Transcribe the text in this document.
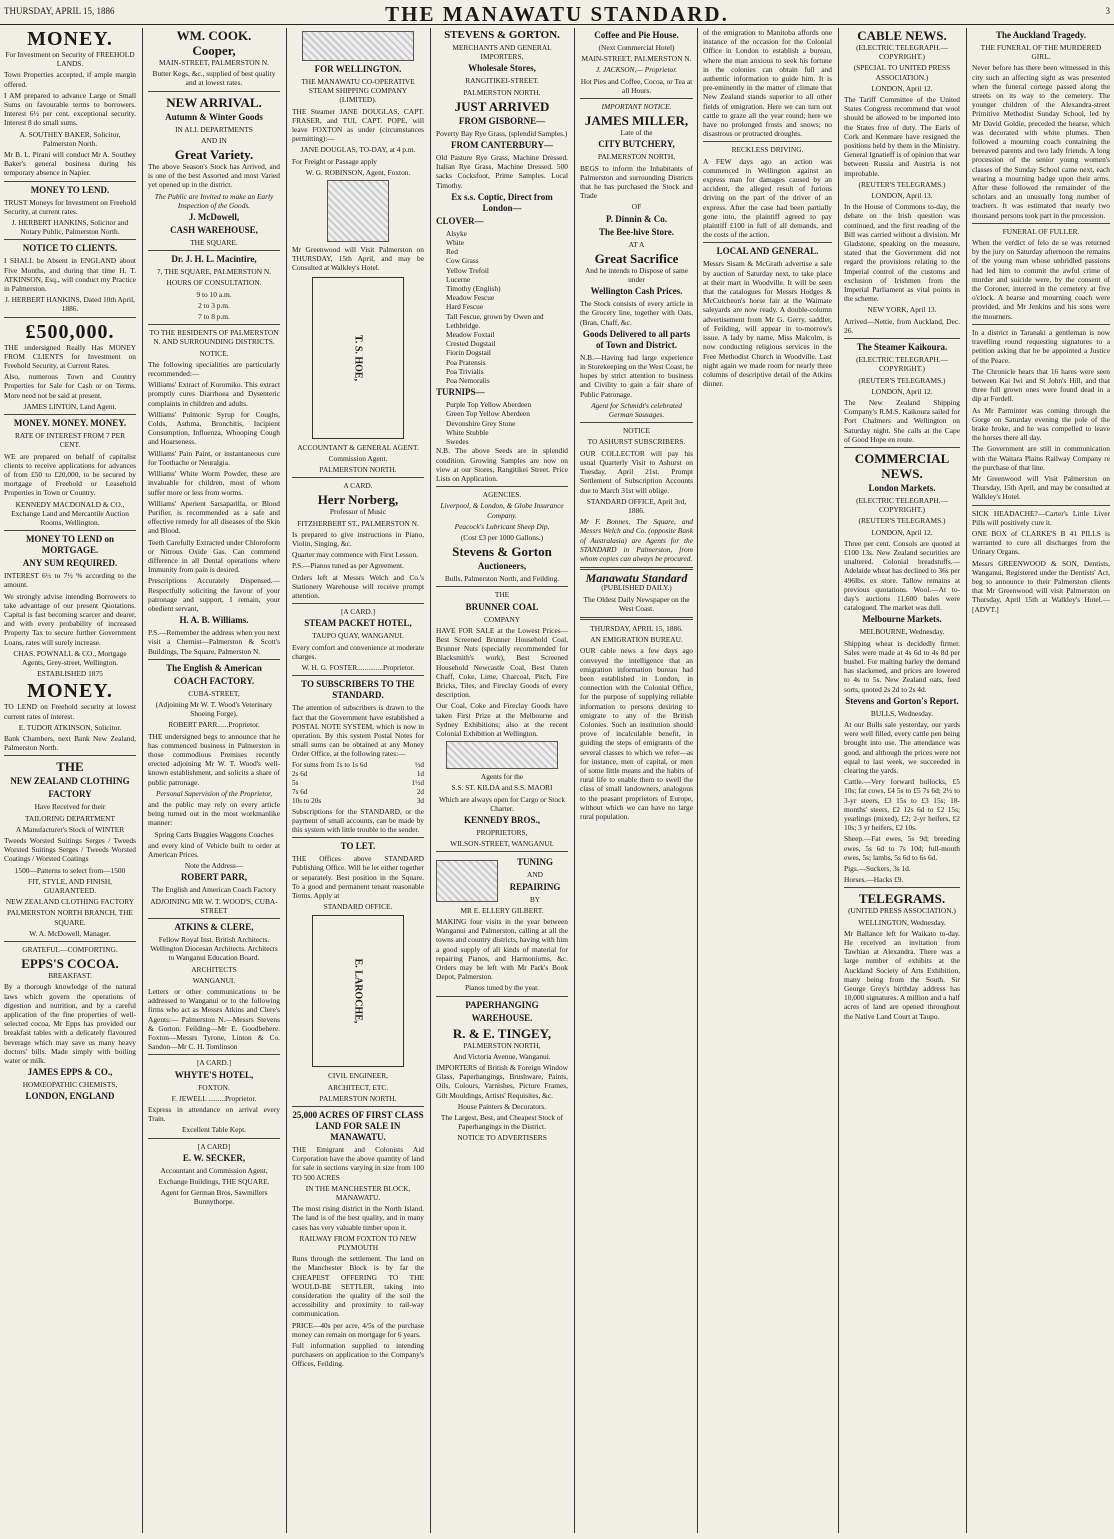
THURSDAY, APRIL 15, 1886	THE MANAWATU STANDARD.	3
MONEY.

For Investment on Security of FREEHOLD LANDS.

Town Properties accepted, if ample margin offered.

I AM prepared to advance Large or Small Sums on favourable terms to borrowers. Interest 6½ per cent. exceptional security. Interest 8 do small sums.

A. SOUTHEY BAKER, Solicitor, Palmerston North.

Mr B. L. Pirani will conduct Mr A. Southey Baker's general business during his temporary absence in Napier.

MONEY TO LEND.

TRUST Moneys for Investment on Freehold Security, at current rates.

J. HERBERT HANKINS, Solicitor and Notary Public, Palmerston North.

NOTICE TO CLIENTS.

I SHALL be Absent in ENGLAND about Five Months, and during that time H. T. ATKINSON, Esq., will conduct my Practice in Palmerston.

J. HERBERT HANKINS, Dated 10th April, 1886.

£500,000.

THE undersigned Really Has MONEY FROM CLIENTS for Investment on Freehold Security, at Current Rates.

Also, numerous Town and Country Properties for Sale for Cash or on Terms. More need not be said at present.

JAMES LINTON, Land Agent.

MONEY. MONEY. MONEY.

RATE OF INTEREST FROM 7 PER CENT.

WE are prepared on behalf of capitalist clients to receive applications for advances of from £50 to £20,000, to be secured by mortgage of Freehold or Leasehold Properties in Town or Country.

KENNEDY MACDONALD & CO., Exchange Land and Mercantile Auction Rooms, Wellington.

MONEY TO LEND on MORTGAGE.
ANY SUM REQUIRED.

INTEREST 6½ to 7½ % according to the amount.

We strongly advise intending Borrowers to take advantage of our present Quotations. Capital is fast becoming scarcer and dearer, and with every probability of increased Property Tax to secure further Government Loans, rates will surely increase.

CHAS. POWNALL & CO., Mortgage Agents, Grey-street, Wellington.

ESTABLISHED 1875

MONEY.

TO LEND on Freehold security at lowest current rates of interest.

E. TUDOR ATKINSON, Solicitor.

Bank Chambers, next Bank New Zealand, Palmerston North.

THE
NEW ZEALAND CLOTHING
FACTORY

Have Received for their

TAILORING DEPARTMENT

A Manufacturer's Stock of WINTER

Tweeds Worsted Suitings Serges / Tweeds Worsted Suitings Serges / Tweeds Worsted Coatings / Worsted Coatings

1500—Patterns to select from—1500

FIT, STYLE, AND FINISH, GUARANTEED.

NEW ZEALAND CLOTHING FACTORY

PALMERSTON NORTH BRANCH, THE SQUARE.

W. A. McDowell, Manager.

GRATEFUL—COMFORTING.

EPPS'S COCOA.

BREAKFAST.

By a thorough knowledge of the natural laws which govern the operations of digestion and nutrition, and by a careful application of the fine properties of well-selected cocoa, Mr Epps has provided our breakfast tables with a delicately flavoured beverage which may save us many heavy doctors' bills. Made simply with boiling water or milk.

JAMES EPPS & CO.,

HOMŒOPATHIC CHEMISTS,

LONDON, ENGLAND
WM. COOK.
Cooper,

MAIN-STREET, PALMERSTON N.

Butter Kegs, &c., supplied of best quality and at lowest rates.

NEW ARRIVAL.
Autumn & Winter Goods

IN ALL DEPARTMENTS

AND IN

Great Variety.

The above Season's Stock has Arrived, and is one of the best Assorted and most Varied yet opened up in the district.

The Public are Invited to make an Early Inspection of the Goods.

J. McDowell,
CASH WAREHOUSE,

THE SQUARE.

Dr. J. H. L. Macintire,

7, THE SQUARE, PALMERSTON N.

HOURS OF CONSULTATION.

9 to 10 a.m.

2 to 3 p.m.

7 to 8 p.m.

TO THE RESIDENTS OF PALMERSTON N. AND SURROUNDING DISTRICTS.

NOTICE.

The following specialities are particularly recommended:—

Williams' Extract of Koromiko. This extract promptly cures Diarrhoea and Dysenteric complaints in children and adults.

Williams' Pulmonic Syrup for Coughs, Colds, Asthma, Bronchitis, Incipient Consumption, Influenza, Whooping Cough and Hoarseness.

Williams' Pain Paint, or instantaneous cure for Toothache or Neuralgia.

Williams' White Worm Powder, these are invaluable for children, most of whom suffer more or less from worms.

Williams' Aperient Sarsaparilla, or Blood Purifier, is recommended as a safe and effective remedy for all diseases of the Skin and Blood.

Teeth Carefully Extracted under Chloroform or Nitrous Oxide Gas. Can commend difference in all Dental operations where Immunity from pain is desired.

Prescriptions Accurately Dispensed.— Respectfully soliciting the favour of your patronage and support, I remain, your obedient servant,

H. A. B. Williams.

P.S.—Remember the address when you next visit a Chemist—Palmerston & Scott's Buildings, The Square, Palmerston N.

The English & American
COACH FACTORY.

CUBA-STREET,

(Adjoining Mr W. T. Wood's Veterinary Shoeing Forge).

ROBERT PARR......Proprietor.

THE undersigned begs to announce that he has commenced business in Palmerston in those commodious Premises recently erected adjoining Mr W. T. Wood's well-known establishment, and solicits a share of public patronage.

Personal Supervision of the Proprietor,

and the public may rely on every article being turned out in the most workmanlike manner:

Spring Carts Buggies Waggons Coaches

and every kind of Vehicle built to order at American Prices.

Note the Address—

ROBERT PARR,

The English and American Coach Factory

ADJOINING MR W. T. WOOD'S, CUBA-STREET

ATKINS & CLERE,

Fellow Royal Inst. British Architects. Wellington Diocesan Architects. Architects to Wanganui Education Board.

ARCHITECTS

WANGANUI.

Letters or other communications to be addressed to Wanganui or to the following firms who act as Messrs Atkins and Clere's Agents:— Palmerston N.—Messrs Stevens & Gorton. Feilding—Mr E. Goodbehere. Foxton—Messrs Tyrone, Linton & Co. Sandon—Mr C. H. Tomlinson

[A CARD.]

WHYTE'S HOTEL,

FOXTON.

F. JEWELL .........Proprietor.

Express in attendance on arrival every Train.

Excellent Table Kept.

[A CARD]

E. W. SECKER,

Accountant and Commission Agent,

Exchange Buildings, THE SQUARE.

Agent for German Bros, Sawmillers Bunnythorpe.

FOR WELLINGTON.

THE MANAWATU CO-OPERATIVE STEAM SHIPPING COMPANY (LIMITED).

THE Steamer JANE DOUGLAS, CAPT. FRASER, and TUI, CAPT. POPE, will leave FOXTON as under (circumstances permitting):—

JANE DOUGLAS, TO-DAY, at 4 p.m.

For Freight or Passage apply

W. G. ROBINSON, Agent, Foxton.

Mr Greenwood will Visit Palmerston on THURSDAY, 15th April, and may be Consulted at Walkley's Hotel.

T. S. HOE,

ACCOUNTANT & GENERAL AGENT.

Commission Agent.

PALMERSTON NORTH.

A CARD.

Herr Norberg,

Professor of Music

FITZHERBERT ST., PALMERSTON N.

Is prepared to give instructions in Piano, Violin, Singing, &c.

Quarter may commence with First Lesson.

P.S.—Pianos tuned as per Agreement.

Orders left at Messrs Welch and Co.'s Stationery Warehouse will receive prompt attention.

[A CARD.]

STEAM PACKET HOTEL,

TAUPO QUAY, WANGANUI.

Every comfort and convenience at moderate charges.

W. H. G. FOSTER..............Proprietor.

TO SUBSCRIBERS TO THE STANDARD.

The attention of subscribers is drawn to the fact that the Government have established a POSTAL NOTE SYSTEM, which is now in operation. By this system Postal Notes for small sums can be obtained at any Money Order Office, at the following rates:—

For sums from 1s to 1s 6d	½d
2s 6d	1d
5s	1½d
7s 6d	2d
10s to 20s	3d

Subscriptions for the STANDARD, or the payment of small accounts, can be made by this system with little trouble to the sender.

TO LET.

THE Offices above STANDARD Publishing Office. Will be let either together or separately. Best position in the Square. To a good and permanent tenant reasonable Terms. Apply at

STANDARD OFFICE.

E. LAROCHE,

CIVIL ENGINEER,

ARCHITECT, ETC.

PALMERSTON NORTH.

25,000 ACRES OF FIRST CLASS LAND FOR SALE IN MANAWATU.

THE Emigrant and Colonists Aid Corporation have the above quantity of land for sale in sections varying in size from 100 TO 500 ACRES

IN THE MANCHESTER BLOCK, MANAWATU.

The most rising district in the North Island. The land is of the best quality, and in many cases has very valuable timber upon it.

RAILWAY FROM FOXTON TO NEW PLYMOUTH

Runs through the settlement. The land on the Manchester Block is by far the CHEAPEST OFFERING TO THE WOULD-BE SETTLER, taking into consideration the quality of the soil the accessibility and proximity to rail-way communication.

PRICE—40s per acre, 4/5s of the purchase money can remain on mortgage for 6 years.

Full information supplied to intending purchasers on application to the Company's Offices, Feilding.

STEVENS & GORTON.

MERCHANTS AND GENERAL IMPORTERS,

Wholesale Stores,

RANGITIKEI-STREET.

PALMERSTON NORTH.

JUST ARRIVED
FROM GISBORNE—

Poverty Bay Rye Grass, (splendid Samples.)

FROM CANTERBURY—

Old Pasture Rye Grass, Machine Dressed. Italian Rye Grass, Machine Dressed. 500 sacks Cocksfoot, Prime Samples. Local Timothy.

Ex s.s. Coptic, Direct from London—
CLOVER—
Alsyke
White
Red
Cow Grass
Yellow Trefoil
Lucerne
Timothy (English)
Meadow Fescue
Hard Fescue
Tall Fescue, grown by Owen and Lethbridge.
Meadow Foxtail
Crested Dogstail
Fiorin Dogstail
Poa Pratensis
Poa Trivialis
Poa Nemoralis
TURNIPS—
Purple Top Yellow Aberdeen
Green Top Yellow Aberdeen
Devonshire Grey Stone
White Stubble
Swedes

N.B. The above Seeds are in splendid condition. Growing Samples are now on view at our Stores, Rangitikei Street. Price Lists on Application.

AGENCIES.

Liverpool, & London, & Globe Insurance Company.

Peacock's Lubricant Sheep Dip,

(Cost £3 per 1000 Gallons.)

Stevens & Gorton
Auctioneers,

Bulls, Palmerston North, and Feilding.

THE

BRUNNER COAL

COMPANY

HAVE FOR SALE at the Lowest Prices— Best Screened Brunner Household Coal, Brunner Nuts (specially recommended for Blacksmith's work), Best Screened Household Newcastle Coal, Best Oaten Chaff, Coke, Lime, Charcoal, Pitch, Fire Bricks, Tiles, and Fireclay Goods of every description.

Our Coal, Coke and Fireclay Goods have taken First Prize at the Melbourne and Sydney Exhibitions; also at the recent Colonial Exhibition at Wellington.

Agents for the

S.S. ST. KILDA and S.S. MAORI

Which are always open for Cargo or Stock Charter.

KENNEDY BROS.,

PROPRIETORS,

WILSON-STREET, WANGANUI.

TUNING

AND

REPAIRING

BY

MR E. ELLERY GILBERT.

MAKING four visits in the year between Wanganui and Palmerston, calling at all the towns and country districts, having with him a good supply of all kinds of material for repairing Pianos, and Harmoniums, &c. Orders may be left with Mr Park's Book Depot, Palmerston.

Pianos tuned by the year.

PAPERHANGING
WAREHOUSE.
R. & E. TINGEY,

PALMERSTON NORTH,

And Victoria Avenue, Wanganui.

IMPORTERS of British & Foreign Window Glass, Paperhangings, Brushware, Paints, Oils, Colours, Varnishes, Picture Frames, Gilt Mouldings, Artists' Requisites, &c.

House Painters & Decorators.

The Largest, Best, and Cheapest Stock of Paperhangings in the District.

NOTICE TO ADVERTISERS

Coffee and Pie House.

(Next Commercial Hotel)

MAIN-STREET, PALMERSTON N.

J. JACKSON,— Proprietor.

Hot Pies and Coffee, Cocoa, or Tea at all Hours.

IMPORTANT NOTICE.

JAMES MILLER,

Late of the

CITY BUTCHERY,

PALMERSTON NORTH,

BEGS to inform the Inhabitants of Palmerston and surrounding Districts that he has purchased the Stock and Trade

OF

P. Dinnin & Co.
The Bee-hive Store.

AT A

Great Sacrifice

And he intends to Dispose of same under

Wellington Cash Prices.

The Stock consists of every article in the Grocery line, together with Oats, (Bran, Chaff, &c.

Goods Delivered to all parts of Town and District.

N.B.—Having had large experience in Storekeeping on the West Coast, he hopes by strict attention to business and Civility to gain a fair share of Public Patronage.

Agent for Schmidt's celebrated German Sausages.

NOTICE

TO ASHURST SUBSCRIBERS.

OUR COLLECTOR will pay his usual Quarterly Visit to Ashurst on Tuesday, April 21st. Prompt Settlement of Subscription Accounts due to March 31st will oblige.

STANDARD OFFICE, April 3rd, 1886.

Mr F. Bonnes, The Square, and Messrs Welch and Co. (opposite Bank of Australasia) are Agents for the STANDARD in Palmerston, from whom copies can always be procured.

Manawatu Standard

(PUBLISHED DAILY.)

The Oldest Daily Newspaper on the West Coast.

THURSDAY, APRIL 15, 1886.

AN EMIGRATION BUREAU.

OUR cable news a few days ago conveyed the intelligence that an emigration information bureau had been established in London, in connection with the Colonial Office, for the purpose of supplying reliable information to persons desiring to emigrate to any of the British Colonies. Such an institution should prove of incalculable benefit, in guiding the steps of emigrants of the several classes to which we refer—as for instance, men of capital, or men of some little means and the habits of rural life to enable them to swell the class of small landowners, analogous to the peasant proprietors of Europe, without which we can have no large rural population.

of the emigration to Manitoba affords one instance of the occasion for the Colonial Office in London to establish a bureau, where the man anxious to seek his fortune in the colonies can obtain full and authentic information to guide him. It is pre-eminently in the matter of climate that New Zealand stands superior to all other fields of emigration. Here we can turn out cattle to graze all the year round; here we have no prolonged frosts and snows; no disastrous or protracted droughts.

RECKLESS DRIVING.

A FEW days ago an action was commenced in Wellington against an express man for damages caused by an accident, the alleged result of furious driving on the part of the driver of an express. After the case had been partially gone into, the plaintiff agreed to pay plaintiff £100 in full of all demands, and the costs of the action.

LOCAL AND GENERAL.

Messrs Sisam & McGrath advertise a sale by auction of Saturday next, to take place at their mart in Woodville. It will be seen that the catalogues for Messrs Hodges & McCutcheon's horse fair at the Waimate saleyards are now ready. A double-column advertisement from Mr G. Gerry, saddler, of Feilding, will appear in to-morrow's issue. A lady by name, Miss Malcolm, is now conducting religious services in the Free Methodist Church in Woodville. Last night again we made room for nearly three columns of descriptive detail of the Atkins dinner.

CABLE NEWS.

(ELECTRIC TELEGRAPH.—COPYRIGHT.)

(SPECIAL TO UNITED PRESS ASSOCIATION.)

LONDON, April 12.

The Tariff Committee of the United States Congress recommend that wool should be allowed to be imported into the States free of duty. The Earls of Cork and Kenmare have resigned the positions held by them in the Ministry. General Ignatieff is of opinion that war between Russia and Austria is not improbable.

(REUTER'S TELEGRAMS.)

LONDON, April 13.

In the House of Commons to-day, the debate on the Irish question was continued, and the first reading of the Bill was carried without a division. Mr Gladstone, speaking on the measure, stated that the Government did not regard the provisions relating to the Imperial control of the customs and exclusion of Irishmen from the Imperial Parliament as vital points in the scheme.

NEW YORK, April 13.

Arrived—Nettie, from Auckland, Dec. 26.

The Steamer Kaikoura.

(ELECTRIC TELEGRAPH.—COPYRIGHT.)

(REUTER'S TELEGRAMS.)

LONDON, April 12.

The New Zealand Shipping Company's R.M.S. Kaikoura sailed for Port Chalmers and Wellington on Saturday night. She calls at the Cape of Good Hope en route.

COMMERCIAL NEWS.
London Markets.

(ELECTRIC TELEGRAPH.—COPYRIGHT.)

(REUTER'S TELEGRAMS.)

LONDON, April 12.

Three per cent. Consols are quoted at £100 13s. New Zealand securities are unaltered. Colonial breadstuffs.—Adelaide wheat has declined to 36s per 496lbs. ex store. Tallow remains at previous quotations. Wool.—At to-day's auctions 11,600 bales were catalogued. The market was dull.

Melbourne Markets.

MELBOURNE, Wednesday.

Shipping wheat is decidedly firmer. Sales were made at 4s 6d to 4s 8d per bushel. For malting barley the demand has slackened, and prices are lowered to 4s to 5s. New Zealand oats, feed sorts, quoted 2s 2d to 2s 4d.

Stevens and Gorton's Report.

BULLS, Wednesday.

At our Bulls sale yesterday, our yards were well filled, every cattle pen being brought into use. The attendance was good, and although the prices were not equal to last week, we succeeded in clearing the yards.

Cattle.—Very forward bullocks, £5 10s; fat cows, £4 5s to £5 7s 6d; 2½ to 3-yr steers, £3 15s to £3 15s; 18-months' steers, £2 12s 6d to £2 15s; yearlings (mixed), £2; 2-yr heifers, £2 10s; 3 yr heifers, £2 10s.

Sheep.—Fat ewes, 5s 9d; breeding ewes, 5s 6d to 7s 10d; full-mouth ewes, 5s; lambs, 5s 6d to 6s 6d.

Pigs.—Suckers, 3s 1d.

Horses.—Hacks £9.

TELEGRAMS.

(UNITED PRESS ASSOCIATION.)

WELLINGTON, Wednesday.

Mr Ballance left for Waikato to-day. He received an invitation from Tawhiao at Alexandra. There was a large number of exhibits at the Auckland Society of Arts Exhibition, many being from the South. Sir George Grey's birthday address has 10,000 signatures. A million and a half acres of land are opened throughout the Native Land Court at Taupo.

The Auckland Tragedy.

THE FUNERAL OF THE MURDERED GIRL.

Never before has there been witnessed in this city such an affecting sight as was presented when the funeral cortege passed along the streets on its way to the cemetery. The younger children of the Alexandra-street Primitive Methodist Sunday School, led by Mr David Goldie, preceded the hearse, which was decorated with white plumes. Then followed a mourning coach containing the bereaved parents and two lady friends. A long procession of the senior young women's classes of the Sunday School came next, each wearing a mourning badge upon their arms. After these followed the remainder of the scholars and an unusually long number of teachers. It was estimated that nearly two thousand persons took part in the procession.

FUNERAL OF FULLER.

When the verdict of felo de se was returned by the jury on Saturday afternoon the remains of the young man whose unbridled passions had led him to commit the awful crime of murder and suicide were, by the consent of the Coroner, interred in the cemetery at five o'clock. A hearse and mourning coach were provided, and Mr Jenkins and his sons were the mourners.

In a district in Taranaki a gentleman is now travelling round requesting signatures to a petition asking that he be appointed a Justice of the Peace.

The Chronicle hears that 16 hares were seen between Kai Iwi and St John's Hill, and that three full grown ones were found dead in a dip at Fordell.

As Mr Parminter was coming through the Gorge on Saturday evening the pole of the brake broke, and he was compelled to leave the horses there all day.

The Government are still in communication with the Waitara Plains Railway Company re the purchase of that line.

Mr Greenwood will Visit Palmerston on Thursday, 15th April, and may be consulted at Walkley's Hotel.

SICK HEADACHE?—Carter's Little Liver Pills will positively cure it.

ONE BOX of CLARKE'S B 41 PILLS is warranted to cure all discharges from the Urinary Organs.

Messrs GREENWOOD & SON, Dentists, Wanganui, Registered under the Dentists' Act, beg to announce to their Palmerston clients that Mr Greenwood will visit Palmerston on Thursday, April 15th at Walkley's Hotel.—[ADVT.]
